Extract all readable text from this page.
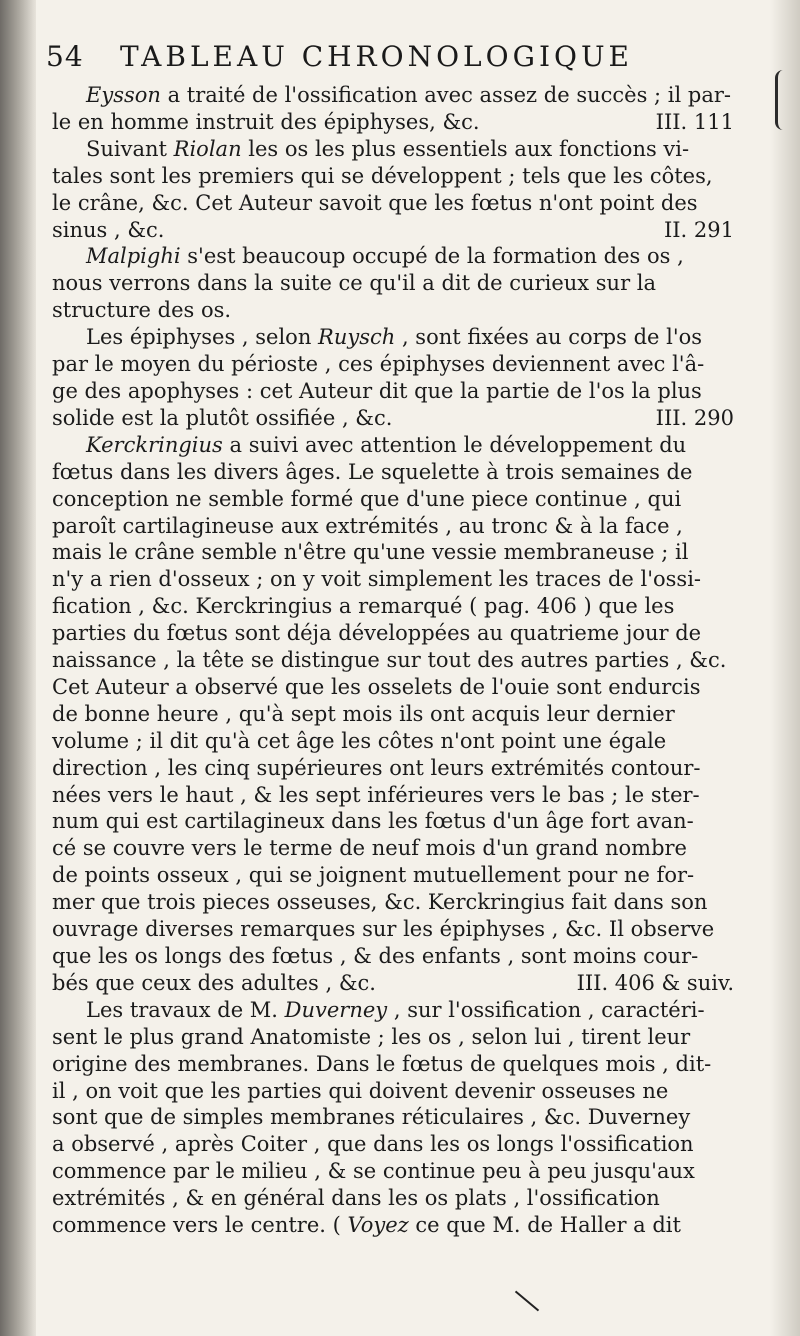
54 TABLEAU CHRONOLOGIQUE
Eysson a traité de l'ossification avec assez de succès ; il par-
le en homme instruit des épiphyses, &c.	III. 111
Suivant Riolan les os les plus essentiels aux fonctions vi-
tales sont les premiers qui se développent ; tels que les côtes,
le crâne, &c. Cet Auteur savoit que les fœtus n'ont point des
sinus , &c.	II. 291
Malpighi s'est beaucoup occupé de la formation des os ,
nous verrons dans la suite ce qu'il a dit de curieux sur la
structure des os.
Les épiphyses , selon Ruysch , sont fixées au corps de l'os
par le moyen du périoste , ces épiphyses deviennent avec l'â-
ge des apophyses : cet Auteur dit que la partie de l'os la plus
solide est la plutôt ossifiée , &c.	III. 290
Kerckringius a suivi avec attention le développement du
fœtus dans les divers âges. Le squelette à trois semaines de
conception ne semble formé que d'une piece continue , qui
paroît cartilagineuse aux extrémités , au tronc & à la face ,
mais le crâne semble n'être qu'une vessie membraneuse ; il
n'y a rien d'osseux ; on y voit simplement les traces de l'ossi-
fication , &c. Kerckringius a remarqué ( pag. 406 ) que les
parties du fœtus sont déja développées au quatrieme jour de
naissance , la tête se distingue sur tout des autres parties , &c.
Cet Auteur a observé que les osselets de l'ouie sont endurcis
de bonne heure , qu'à sept mois ils ont acquis leur dernier
volume ; il dit qu'à cet âge les côtes n'ont point une égale
direction , les cinq supérieures ont leurs extrémités contour-
nées vers le haut , & les sept inférieures vers le bas ; le ster-
num qui est cartilagineux dans les fœtus d'un âge fort avan-
cé se couvre vers le terme de neuf mois d'un grand nombre
de points osseux , qui se joignent mutuellement pour ne for-
mer que trois pieces osseuses, &c. Kerckringius fait dans son
ouvrage diverses remarques sur les épiphyses , &c. Il observe
que les os longs des fœtus , & des enfants , sont moins cour-
bés que ceux des adultes , &c.	III. 406 & suiv.
Les travaux de M. Duverney , sur l'ossification , caractéri-
sent le plus grand Anatomiste ; les os , selon lui , tirent leur
origine des membranes. Dans le fœtus de quelques mois , dit-
il , on voit que les parties qui doivent devenir osseuses ne
sont que de simples membranes réticulaires , &c. Duverney
a observé , après Coiter , que dans les os longs l'ossification
commence par le milieu , & se continue peu à peu jusqu'aux
extrémités , & en général dans les os plats , l'ossification
commence vers le centre. ( Voyez ce que M. de Haller a dit
